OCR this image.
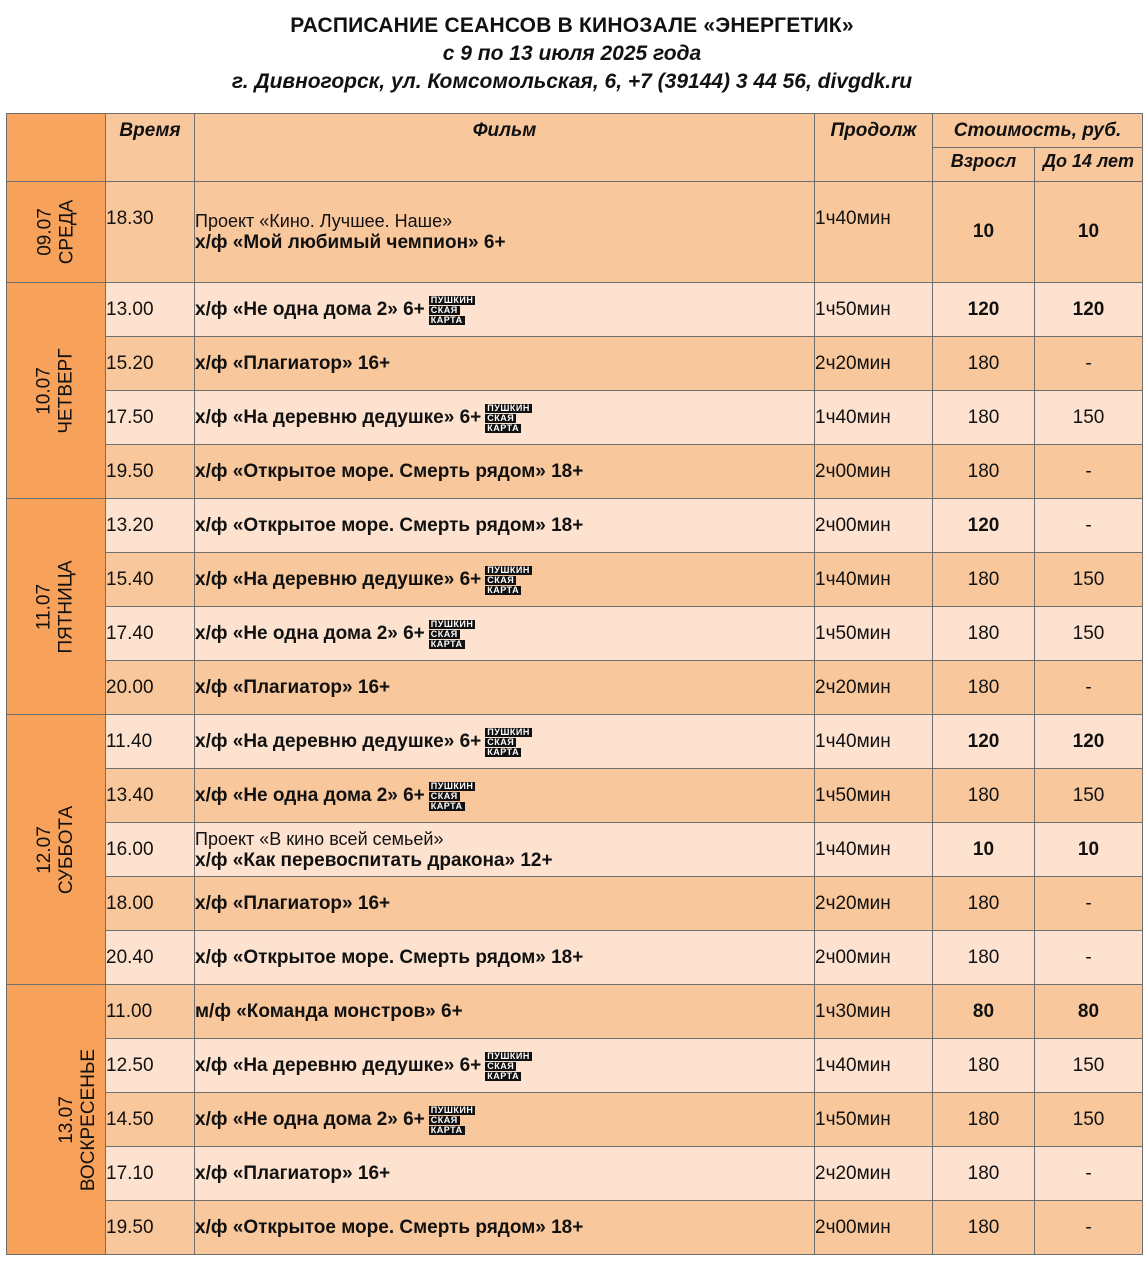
РАСПИСАНИЕ СЕАНСОВ В КИНОЗАЛЕ «ЭНЕРГЕТИК»
с 9 по 13 июля 2025 года
г. Дивногорск, ул. Комсомольская, 6, +7 (39144) 3 44 56, divgdk.ru
	Время	Фильм	Продолж	Стоимость, руб.	
				Взросл	До 14 лет

09.07 СРЕДА	18.30	Проект «Кино. Лучшее. Наше»
х/ф «Мой любимый чемпион» 6+	1ч40мин	10	10

10.07 ЧЕТВЕРГ	13.00	х/ф «Не одна дома 2» 6+ ПУШКИН
СКАЯ
КАРТА	1ч50мин	120	120
	15.20	х/ф «Плагиатор» 16+	2ч20мин	180	-
	17.50	х/ф «На деревню дедушке» 6+ ПУШКИН
СКАЯ
КАРТА	1ч40мин	180	150
	19.50	х/ф «Открытое море. Смерть рядом» 18+	2ч00мин	180	-

11.07 ПЯТНИЦА	13.20	х/ф «Открытое море. Смерть рядом» 18+	2ч00мин	120	-
	15.40	х/ф «На деревню дедушке» 6+ ПУШКИН
СКАЯ
КАРТА	1ч40мин	180	150
	17.40	х/ф «Не одна дома 2» 6+ ПУШКИН
СКАЯ
КАРТА	1ч50мин	180	150
	20.00	х/ф «Плагиатор» 16+	2ч20мин	180	-

12.07 СУББОТА	11.40	х/ф «На деревню дедушке» 6+ ПУШКИН
СКАЯ
КАРТА	1ч40мин	120	120
	13.40	х/ф «Не одна дома 2» 6+ ПУШКИН
СКАЯ
КАРТА	1ч50мин	180	150
	16.00	Проект «В кино всей семьей»
х/ф «Как перевоспитать дракона» 12+	1ч40мин	10	10
	18.00	х/ф «Плагиатор» 16+	2ч20мин	180	-
	20.40	х/ф «Открытое море. Смерть рядом» 18+	2ч00мин	180	-

13.07 ВОСКРЕСЕНЬЕ	11.00	м/ф «Команда монстров» 6+	1ч30мин	80	80
	12.50	х/ф «На деревню дедушке» 6+ ПУШКИН
СКАЯ
КАРТА	1ч40мин	180	150
	14.50	х/ф «Не одна дома 2» 6+ ПУШКИН
СКАЯ
КАРТА	1ч50мин	180	150
	17.10	х/ф «Плагиатор» 16+	2ч20мин	180	-
	19.50	х/ф «Открытое море. Смерть рядом» 18+	2ч00мин	180	-
